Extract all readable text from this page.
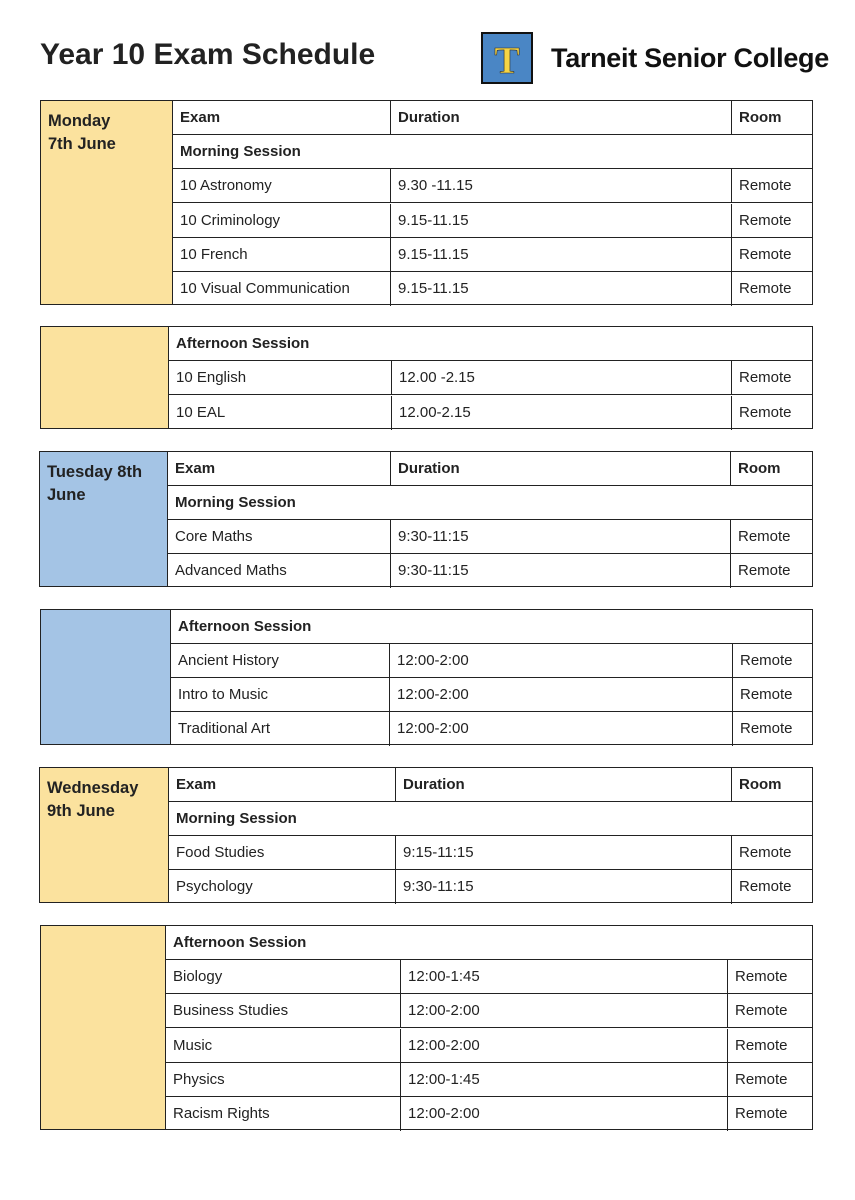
Year 10 Exam Schedule	T Tarneit Senior College
Monday
7th June
Exam	Duration	Room
Morning Session
10 Astronomy	9.30 -11.15	Remote
10 Criminology	9.15-11.15	Remote
10 French	9.15-11.15	Remote
10 Visual Communication	9.15-11.15	Remote
Afternoon Session
10 English	12.00 -2.15	Remote
10 EAL	12.00-2.15	Remote
Tuesday 8th
June
Exam	Duration	Room
Morning Session
Core Maths	9:30-11:15	Remote
Advanced Maths	9:30-11:15	Remote
Afternoon Session
Ancient History	12:00-2:00	Remote
Intro to Music	12:00-2:00	Remote
Traditional Art	12:00-2:00	Remote
Wednesday
9th June
Exam	Duration	Room
Morning Session
Food Studies	9:15-11:15	Remote
Psychology	9:30-11:15	Remote
Afternoon Session
Biology	12:00-1:45	Remote
Business Studies	12:00-2:00	Remote
Music	12:00-2:00	Remote
Physics	12:00-1:45	Remote
Racism Rights	12:00-2:00	Remote
